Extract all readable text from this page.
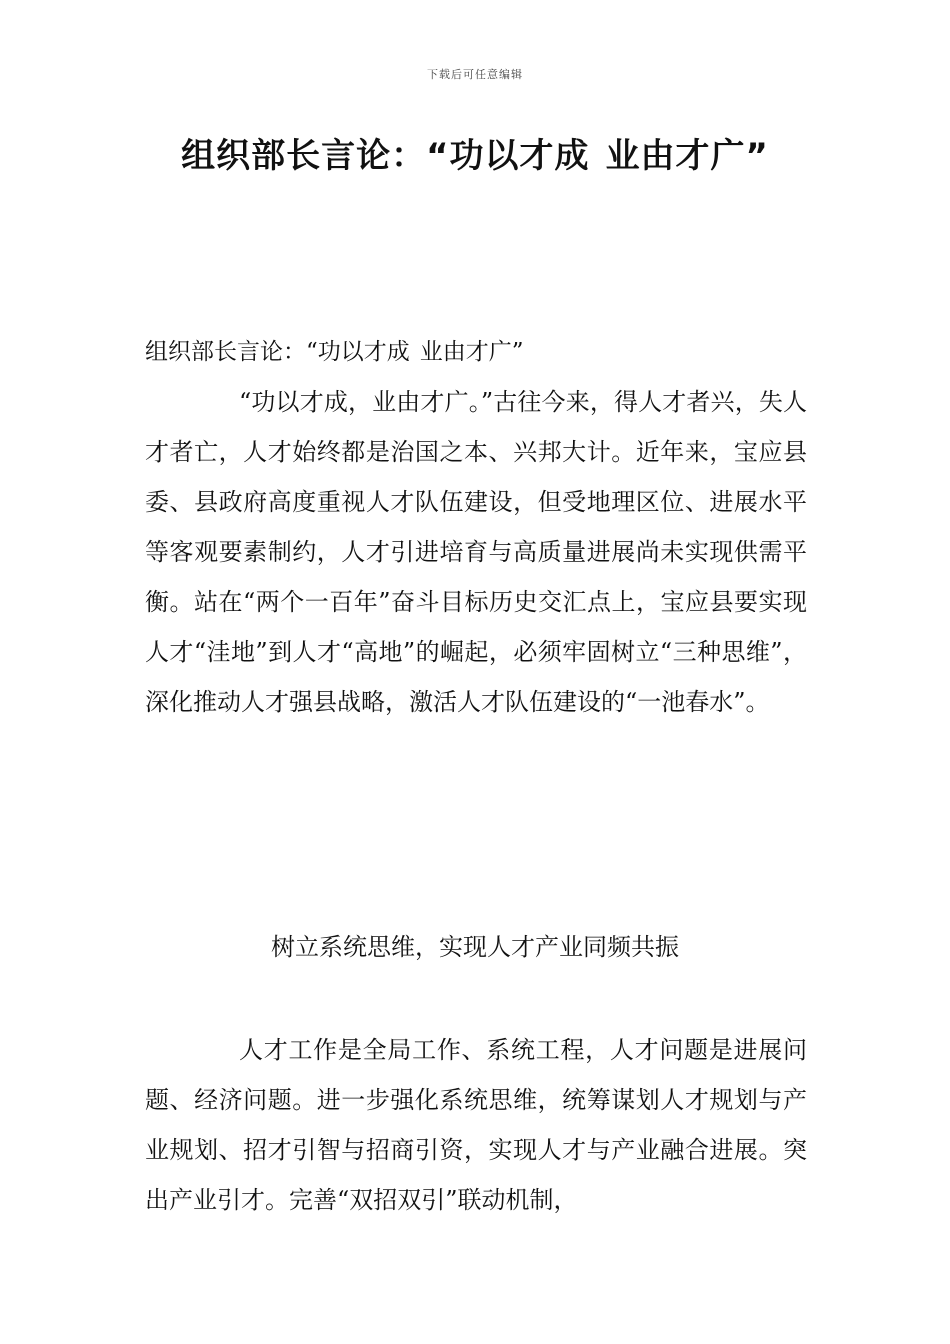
下载后可任意编辑
组织部长言论：“功以才成 业由才广”
组织部长言论：“功以才成 业由才广”

“功以才成，业由才广。”古往今来，得人才者兴，失人才者亡，人才始终都是治国之本、兴邦大计。近年来，宝应县委、县政府高度重视人才队伍建设，但受地理区位、进展水平等客观要素制约，人才引进培育与高质量进展尚未实现供需平衡。站在“两个一百年”奋斗目标历史交汇点上，宝应县要实现人才“洼地”到人才“高地”的崛起，必须牢固树立“三种思维”，深化推动人才强县战略，激活人才队伍建设的“一池春水”。

树立系统思维，实现人才产业同频共振

人才工作是全局工作、系统工程，人才问题是进展问题、经济问题。进一步强化系统思维，统筹谋划人才规划与产业规划、招才引智与招商引资，实现人才与产业融合进展。突出产业引才。完善“双招双引”联动机制，
